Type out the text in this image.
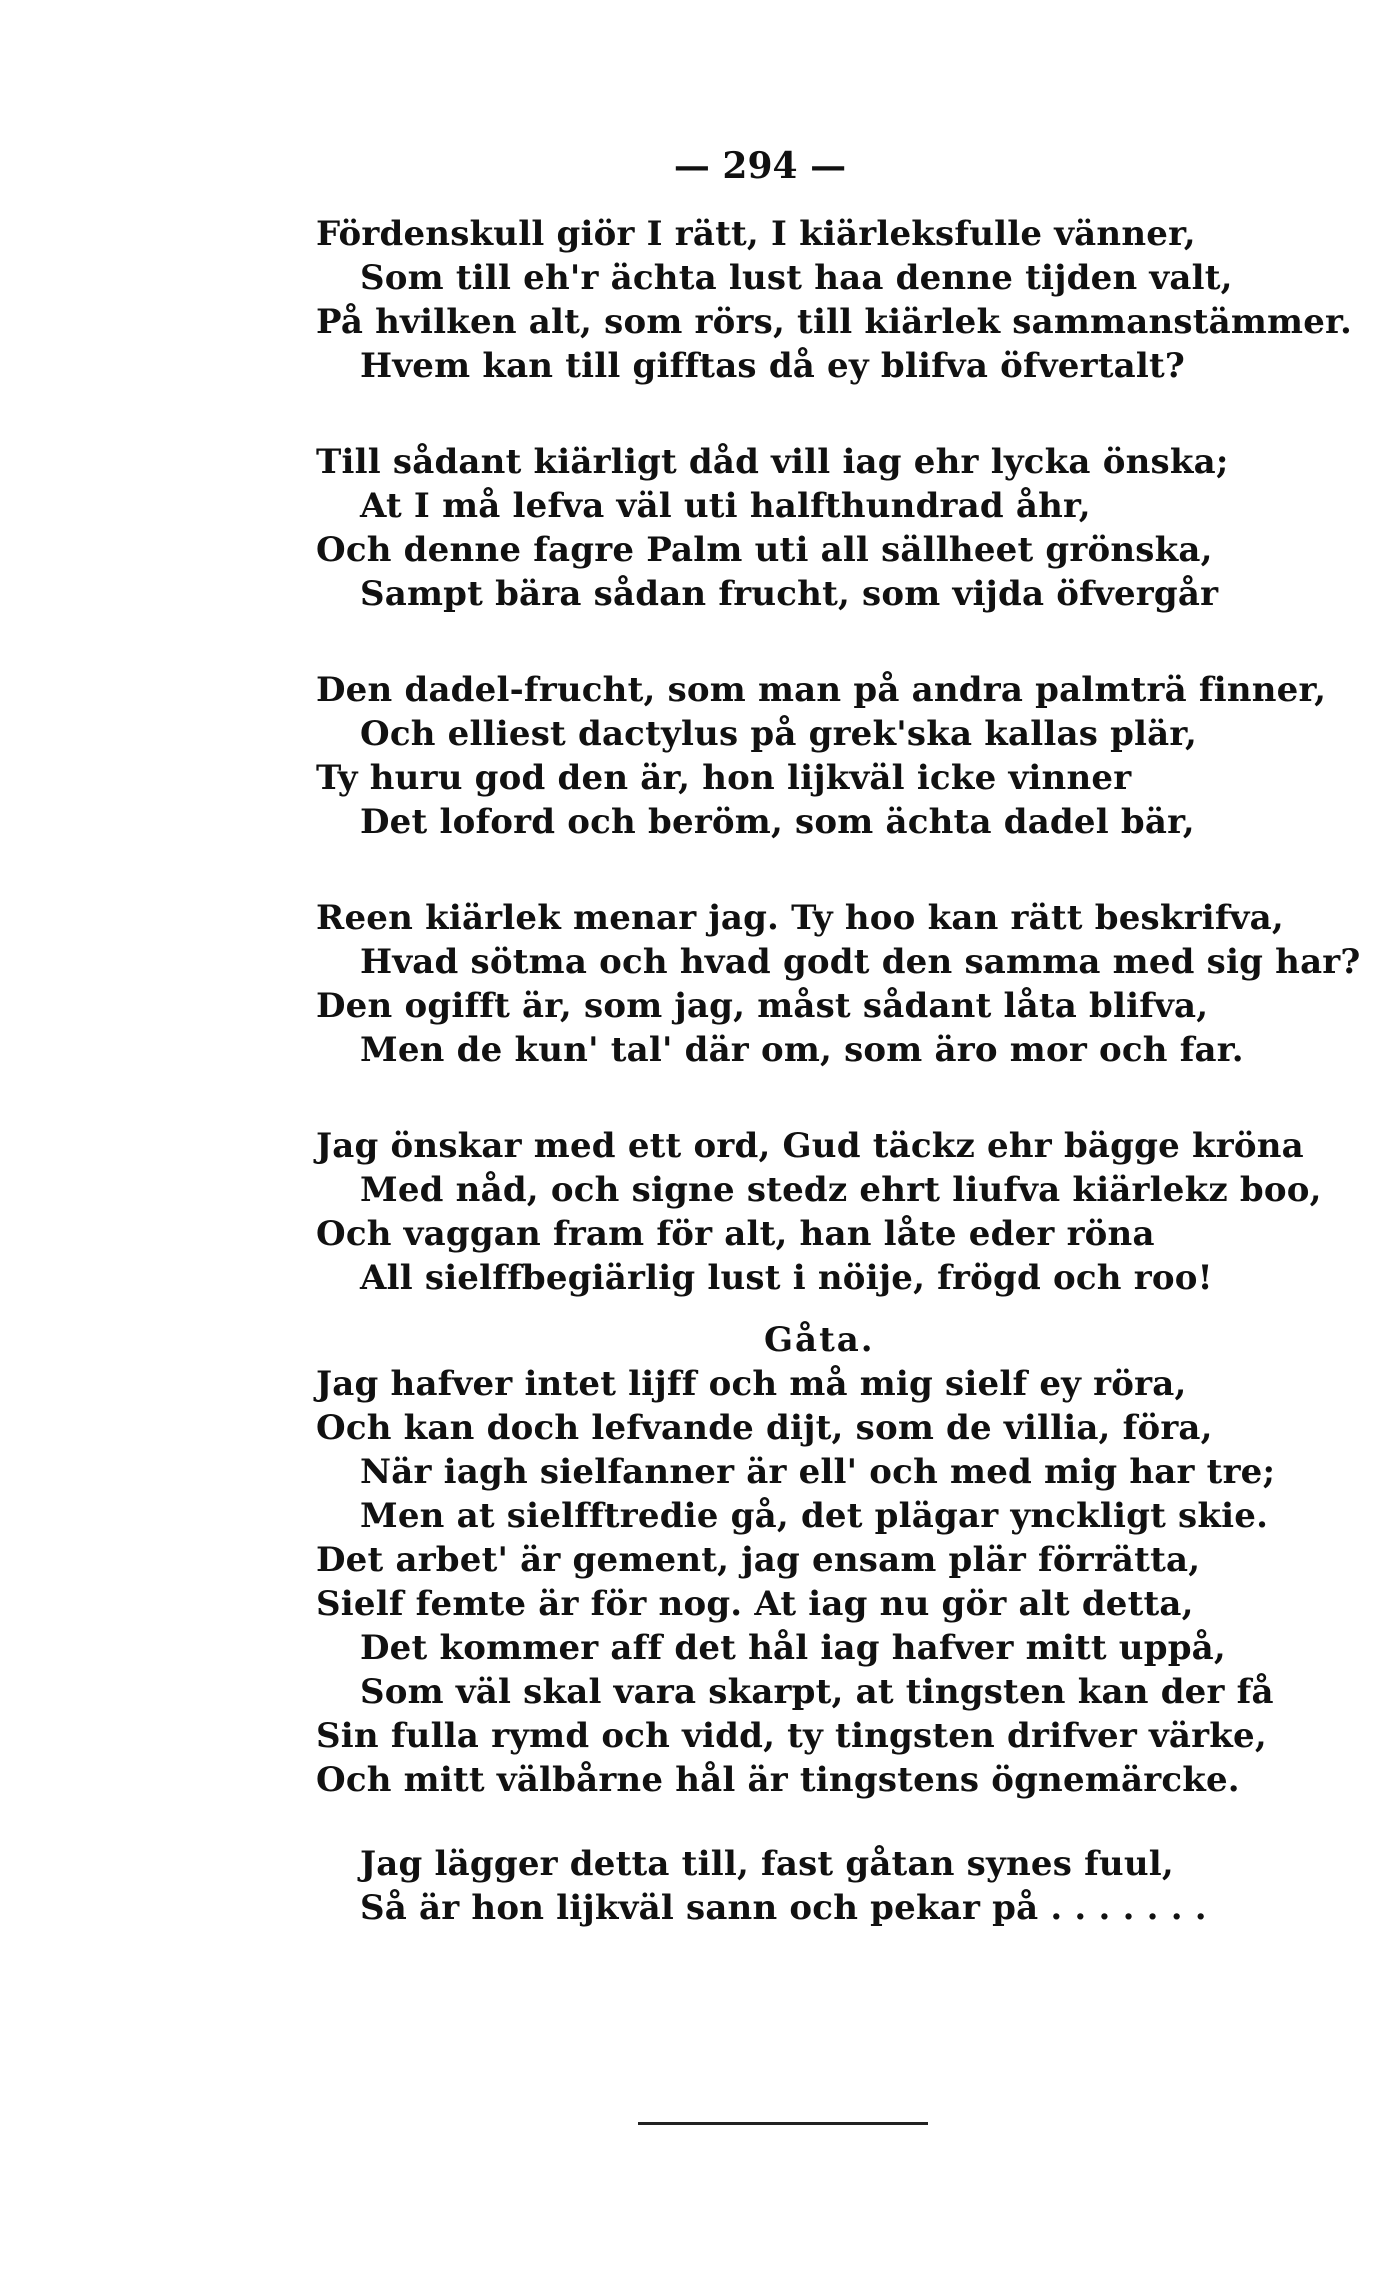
— 294 —
Fördenskull giör I rätt, I kiärleksfulle vänner,
Som till eh'r ächta lust haa denne tijden valt,
På hvilken alt, som rörs, till kiärlek sammanstämmer.
Hvem kan till gifftas då ey blifva öfvertalt?
Till sådant kiärligt dåd vill iag ehr lycka önska;
At I må lefva väl uti halfthundrad åhr,
Och denne fagre Palm uti all sällheet grönska,
Sampt bära sådan frucht, som vijda öfvergår
Den dadel-frucht, som man på andra palmträ finner,
Och elliest dactylus på grek'ska kallas plär,
Ty huru god den är, hon lijkväl icke vinner
Det loford och beröm, som ächta dadel bär,
Reen kiärlek menar jag. Ty hoo kan rätt beskrifva,
Hvad sötma och hvad godt den samma med sig har?
Den ogifft är, som jag, måst sådant låta blifva,
Men de kun' tal' där om, som äro mor och far.
Jag önskar med ett ord, Gud täckz ehr bägge kröna
Med nåd, och signe stedz ehrt liufva kiärlekz boo,
Och vaggan fram för alt, han låte eder röna
All sielffbegiärlig lust i nöije, frögd och roo!
Gåta.
Jag hafver intet lijff och må mig sielf ey röra,
Och kan doch lefvande dijt, som de villia, föra,
När iagh sielfanner är ell' och med mig har tre;
Men at sielfftredie gå, det plägar ynckligt skie.
Det arbet' är gement, jag ensam plär förrätta,
Sielf femte är för nog. At iag nu gör alt detta,
Det kommer aff det hål iag hafver mitt uppå,
Som väl skal vara skarpt, at tingsten kan der få
Sin fulla rymd och vidd, ty tingsten drifver värke,
Och mitt välbårne hål är tingstens ögnemärcke.
Jag lägger detta till, fast gåtan synes fuul,
Så är hon lijkväl sann och pekar på . . . . . . .
